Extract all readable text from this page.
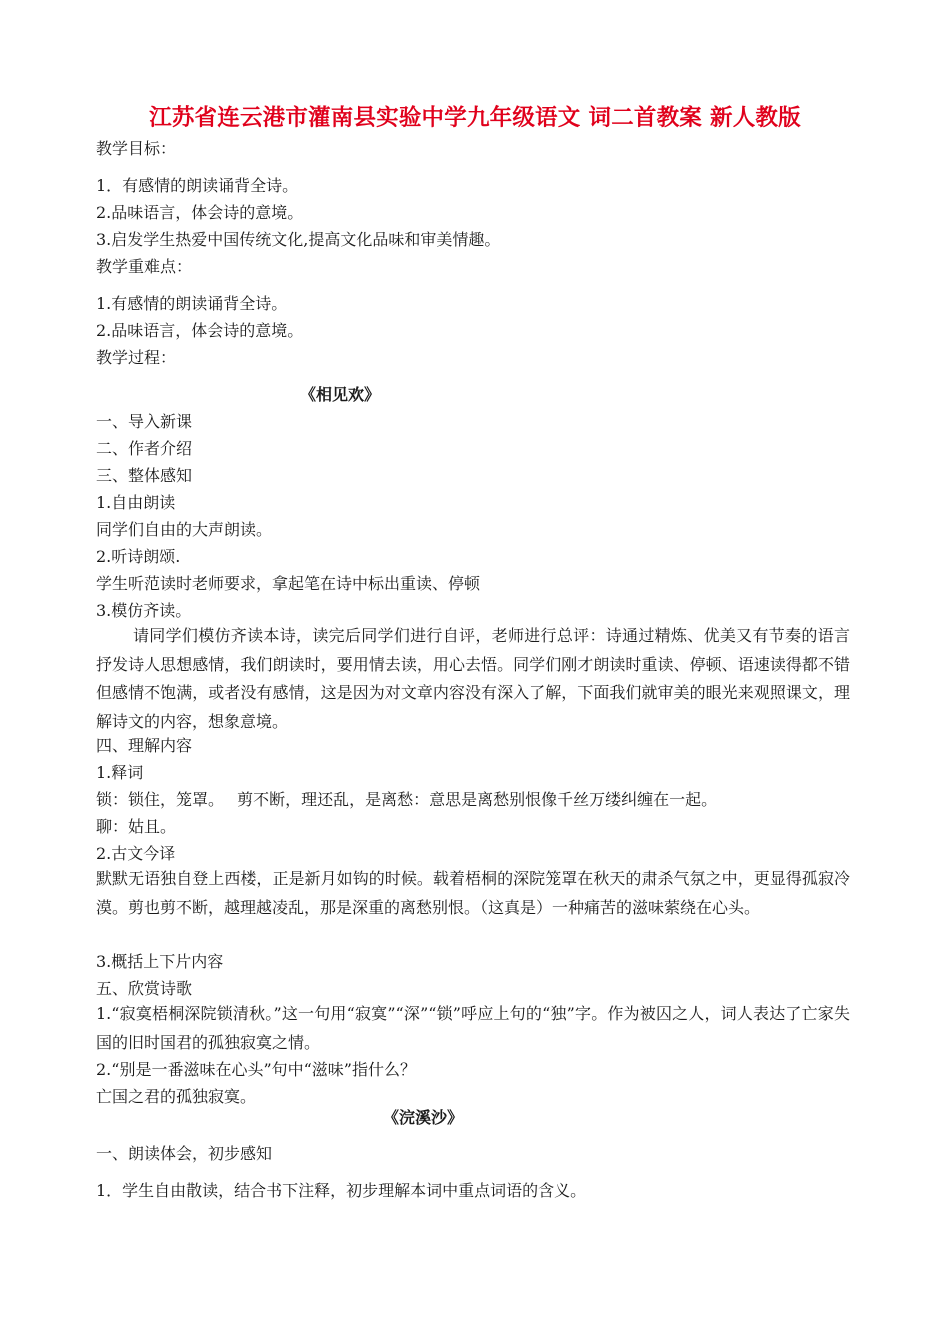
江苏省连云港市灌南县实验中学九年级语文 词二首教案 新人教版

教学目标：

1．有感情的朗读诵背全诗。

2.品味语言，体会诗的意境。

3.启发学生热爱中国传统文化,提高文化品味和审美情趣。

教学重难点：

1.有感情的朗读诵背全诗。

2.品味语言，体会诗的意境。

教学过程：

《相见欢》

一、导入新课

二、作者介绍

三、整体感知

1.自由朗读

同学们自由的大声朗读。

2.听诗朗颂.

学生听范读时老师要求，拿起笔在诗中标出重读、停顿

3.模仿齐读。

请同学们模仿齐读本诗，读完后同学们进行自评，老师进行总评：诗通过精炼、优美又有节奏的语言抒发诗人思想感情，我们朗读时，要用情去读，用心去悟。同学们刚才朗读时重读、停顿、语速读得都不错但感情不饱满，或者没有感情，这是因为对文章内容没有深入了解，下面我们就审美的眼光来观照课文，理解诗文的内容，想象意境。

四、理解内容

1.释词

锁：锁住，笼罩。　 剪不断，理还乱，是离愁：意思是离愁别恨像千丝万缕纠缠在一起。

聊：姑且。

2.古文今译

默默无语独自登上西楼，正是新月如钩的时候。载着梧桐的深院笼罩在秋天的肃杀气氛之中，更显得孤寂冷漠。剪也剪不断，越理越凌乱，那是深重的离愁别恨。（这真是）一种痛苦的滋味萦绕在心头。

3.概括上下片内容

五、欣赏诗歌

1.“寂寞梧桐深院锁清秋。”这一句用“寂寞”“深”“锁”呼应上句的“独”字。作为被囚之人，词人表达了亡家失国的旧时国君的孤独寂寞之情。

2.“别是一番滋味在心头”句中“滋味”指什么？

亡国之君的孤独寂寞。

《浣溪沙》

一、朗读体会，初步感知

1．学生自由散读，结合书下注释，初步理解本词中重点词语的含义。
